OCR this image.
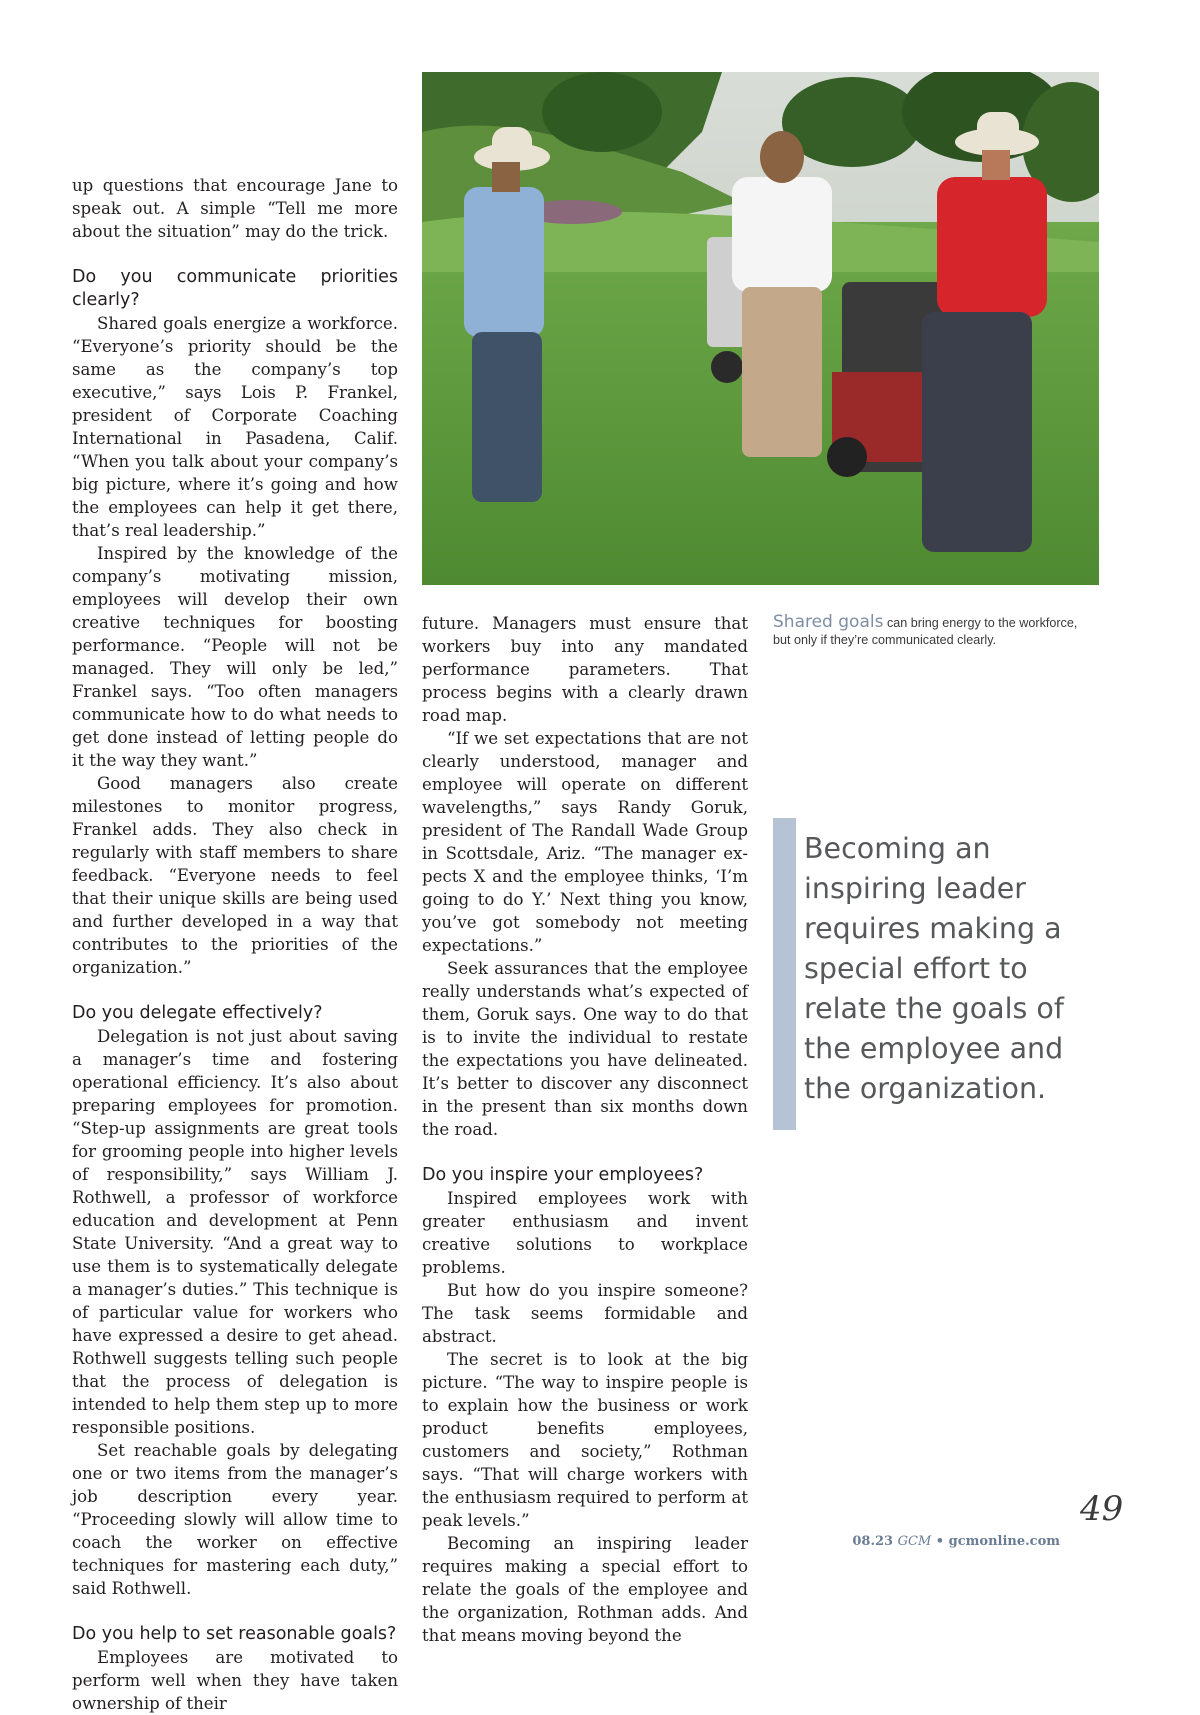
up questions that encourage Jane to speak out. A simple “Tell me more about the situation” may do the trick.

Do you communicate priorities clearly?

Shared goals energize a workforce. “Everyone’s priority should be the same as the company’s top executive,” says Lois P. Frankel, president of Corporate Coaching International in Pasadena, Calif. “When you talk about your company’s big picture, where it’s going and how the employees can help it get there, that’s real leadership.”

Inspired by the knowledge of the company’s motivating mission, employees will develop their own creative techniques for boosting performance. “People will not be managed. They will only be led,” Frankel says. “Too often managers communicate how to do what needs to get done instead of letting people do it the way they want.”

Good managers also create milestones to monitor progress, Frankel adds. They also check in regularly with staff members to share feedback. “Everyone needs to feel that their unique skills are being used and further developed in a way that contributes to the priorities of the organization.”

Do you delegate effectively?

Delegation is not just about saving a manager’s time and fostering operational efficiency. It’s also about preparing employees for promotion. “Step-up assignments are great tools for grooming people into higher levels of responsibility,” says William J. Rothwell, a professor of workforce education and development at Penn State University. “And a great way to use them is to systematically delegate a manager’s duties.” This technique is of particular value for workers who have expressed a desire to get ahead. Rothwell suggests telling such people that the process of delegation is intended to help them step up to more responsible positions.

Set reachable goals by delegating one or two items from the manager’s job description every year. “Proceeding slowly will allow time to coach the worker on effective techniques for mastering each duty,” said Rothwell.

Do you help to set reasonable goals?

Employees are motivated to perform well when they have taken ownership of their

Shared goals can bring energy to the workforce, but only if they’re communicated clearly.

future. Managers must ensure that workers buy into any mandated performance parameters. That process begins with a clearly drawn road map.

“If we set expectations that are not clearly understood, manager and employee will operate on different wavelengths,” says Randy Goruk, president of The Randall Wade Group in Scottsdale, Ariz. “The manager expects X and the employee thinks, ‘I’m going to do Y.’ Next thing you know, you’ve got somebody not meeting expectations.”

Seek assurances that the employee really understands what’s expected of them, Goruk says. One way to do that is to invite the individual to restate the expectations you have delineated. It’s better to discover any disconnect in the present than six months down the road.

Do you inspire your employees?

Inspired employees work with greater enthusiasm and invent creative solutions to workplace problems.

But how do you inspire someone? The task seems formidable and abstract.

The secret is to look at the big picture. “The way to inspire people is to explain how the business or work product benefits employees, customers and society,” Rothman says. “That will charge workers with the enthusiasm required to perform at peak levels.”

Becoming an inspiring leader requires making a special effort to relate the goals of the employee and the organization, Rothman adds. And that means moving beyond the

Becoming an inspiring leader requires making a special effort to relate the goals of the employee and the organization.
08.23 GCM • gcmonline.com
49
